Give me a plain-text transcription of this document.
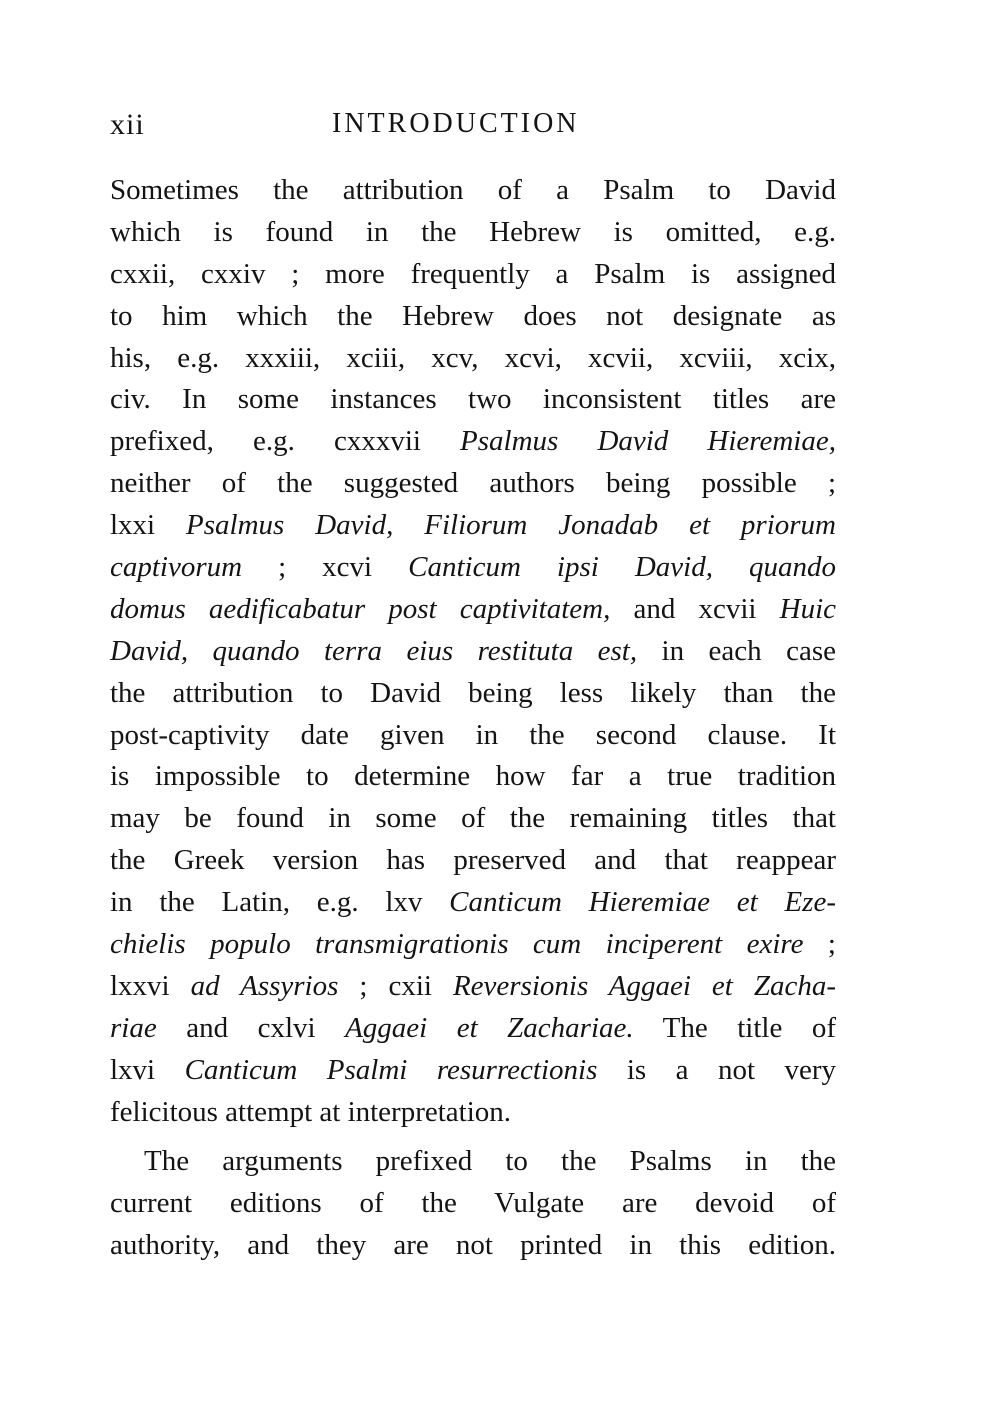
xii	INTRODUCTION
Sometimes the attribution of a Psalm to David
which is found in the Hebrew is omitted, e.g.
cxxii, cxxiv ; more frequently a Psalm is assigned
to him which the Hebrew does not designate as
his, e.g. xxxiii, xciii, xcv, xcvi, xcvii, xcviii, xcix,
civ. In some instances two inconsistent titles are
prefixed, e.g. cxxxvii Psalmus David Hieremiae,
neither of the suggested authors being possible ;
lxxi Psalmus David, Filiorum Jonadab et priorum
captivorum ; xcvi Canticum ipsi David, quando
domus aedificabatur post captivitatem, and xcvii Huic
David, quando terra eius restituta est, in each case
the attribution to David being less likely than the
post-captivity date given in the second clause. It
is impossible to determine how far a true tradition
may be found in some of the remaining titles that
the Greek version has preserved and that reappear
in the Latin, e.g. lxv Canticum Hieremiae et Eze-
chielis populo transmigrationis cum inciperent exire ;
lxxvi ad Assyrios ; cxii Reversionis Aggaei et Zacha-
riae and cxlvi Aggaei et Zachariae. The title of
lxvi Canticum Psalmi resurrectionis is a not very
felicitous attempt at interpretation.
The arguments prefixed to the Psalms in the
current editions of the Vulgate are devoid of
authority, and they are not printed in this edition.
